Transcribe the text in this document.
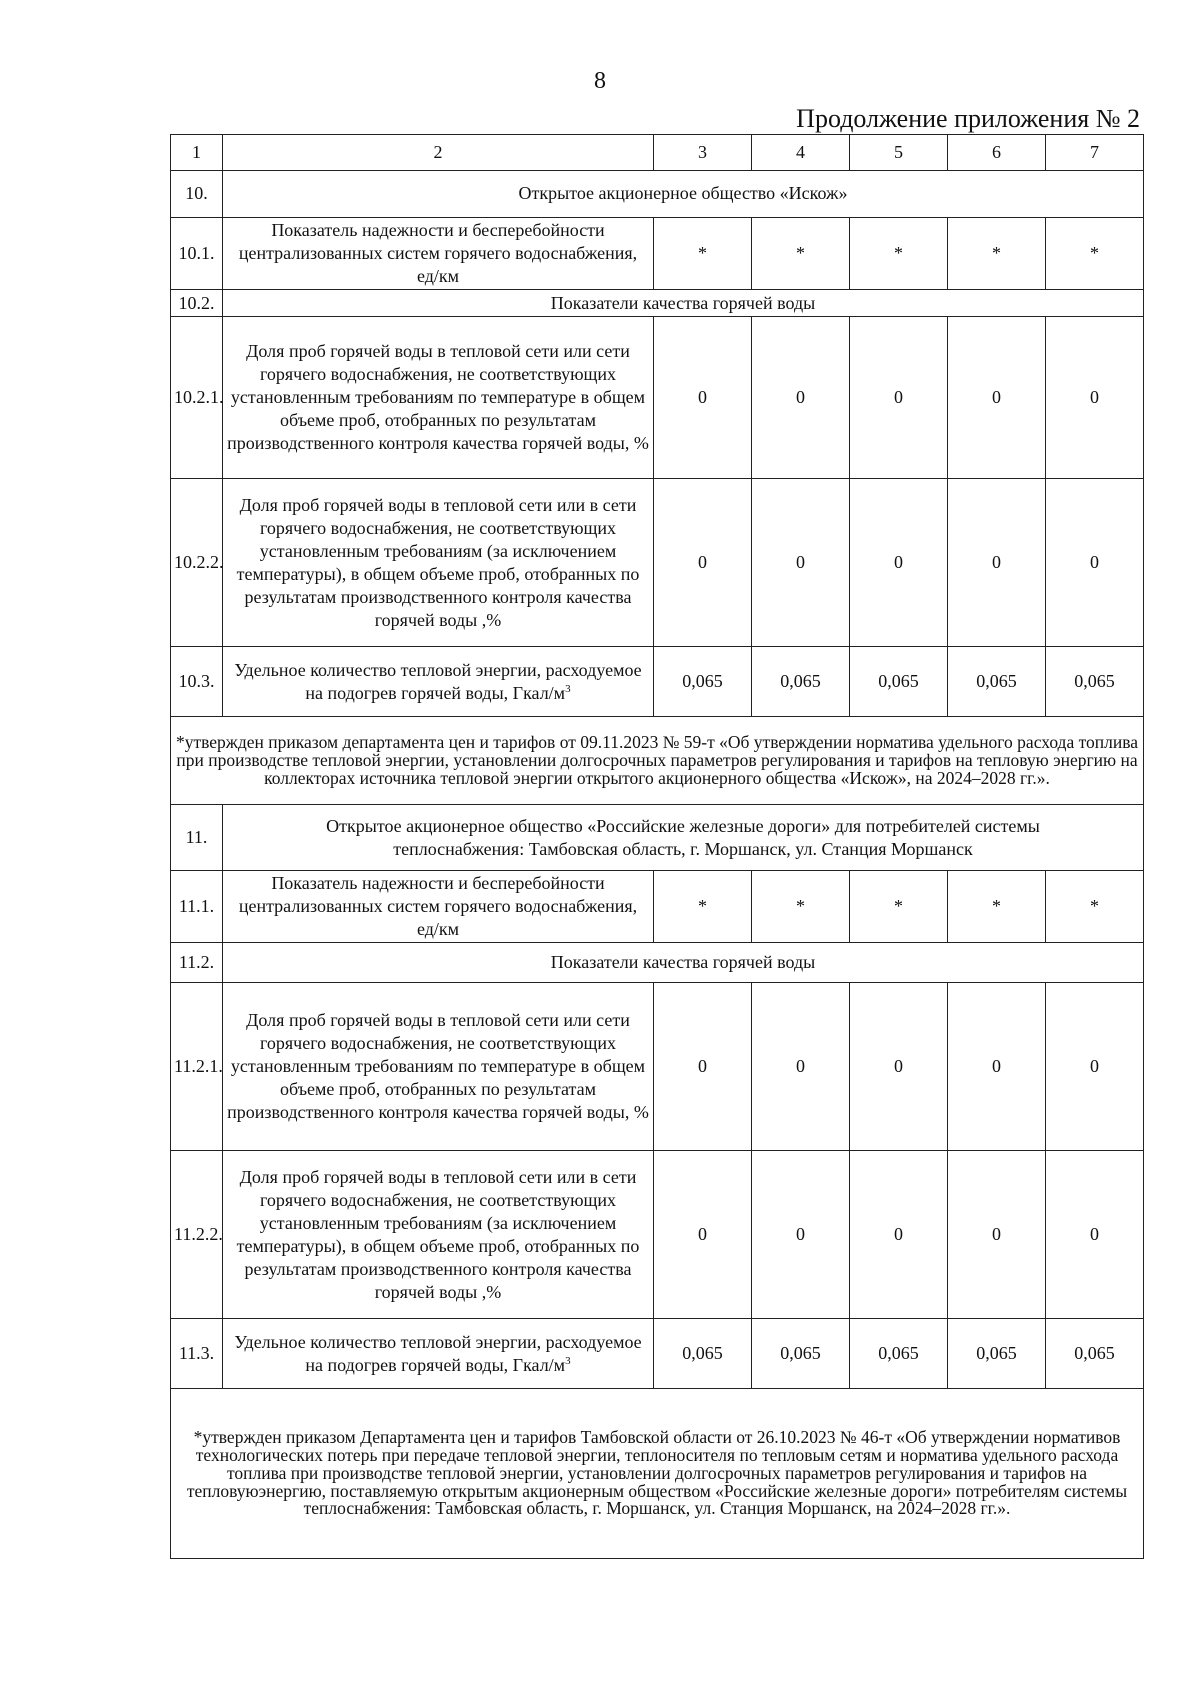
8
Продолжение приложения № 2
1	2	3	4	5	6	7
10.	Открытое акционерное общество «Искож»					
10.1.	Показатель надежности и бесперебойности централизованных систем горячего водоснабжения, ед/км	*	*	*	*	*
10.2.	Показатели качества горячей воды					
10.2.1.	Доля проб горячей воды в тепловой сети или сети горячего водоснабжения, не соответствующих установленным требованиям по температуре в общем объеме проб, отобранных по результатам производственного контроля качества горячей воды, %	0	0	0	0	0
10.2.2.	Доля проб горячей воды в тепловой сети или в сети горячего водоснабжения, не соответствующих установленным требованиям (за исключением температуры), в общем объеме проб, отобранных по результатам производственного контроля качества горячей воды ,%	0	0	0	0	0
10.3.	Удельное количество тепловой энергии, расходуемое на подогрев горячей воды, Гкал/$м^3$	0,065	0,065	0,065	0,065	0,065
*утвержден приказом департамента цен и тарифов от 09.11.2023 № 59-т «Об утверждении норматива удельного расхода топлива при производстве тепловой энергии, установлении долгосрочных параметров регулирования и тарифов на тепловую энергию на коллекторах источника тепловой энергии открытого акционерного общества «Искож», на 2024–2028 гг.».						
11.	Открытое акционерное общество «Российские железные дороги» для потребителей системы теплоснабжения: Тамбовская область, г. Моршанск, ул. Станция Моршанск					
11.1.	Показатель надежности и бесперебойности централизованных систем горячего водоснабжения, ед/км	*	*	*	*	*
11.2.	Показатели качества горячей воды					
11.2.1.	Доля проб горячей воды в тепловой сети или сети горячего водоснабжения, не соответствующих установленным требованиям по температуре в общем объеме проб, отобранных по результатам производственного контроля качества горячей воды, %	0	0	0	0	0
11.2.2.	Доля проб горячей воды в тепловой сети или в сети горячего водоснабжения, не соответствующих установленным требованиям (за исключением температуры), в общем объеме проб, отобранных по результатам производственного контроля качества горячей воды ,%	0	0	0	0	0
11.3.	Удельное количество тепловой энергии, расходуемое на подогрев горячей воды, Гкал/$м^3$	0,065	0,065	0,065	0,065	0,065
*утвержден приказом Департамента цен и тарифов Тамбовской области от 26.10.2023 № 46-т «Об утверждении нормативов технологических потерь при передаче тепловой энергии, теплоносителя по тепловым сетям и норматива удельного расхода топлива при производстве тепловой энергии, установлении долгосрочных параметров регулирования и тарифов на тепловуюэнергию, поставляемую открытым акционерным обществом «Российские железные дороги» потребителям системы теплоснабжения: Тамбовская область, г. Моршанск, ул. Станция Моршанск, на 2024–2028 гг.».						
